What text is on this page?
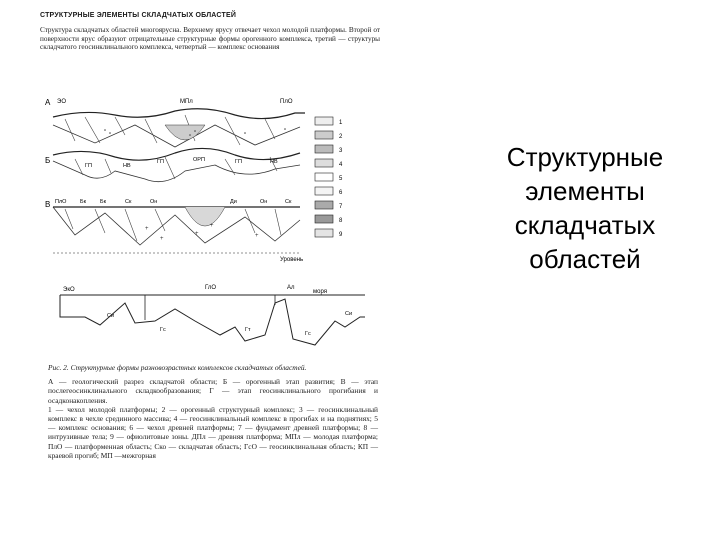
СТРУКТУРНЫЕ ЭЛЕМЕНТЫ СКЛАДЧАТЫХ ОБЛАСТЕЙ
Структура складчатых областей многоярусна. Верхнему ярусу отвечает чехол молодой платформы. Второй от поверхности ярус образуют отрицательные структурные формы орогенного комплекса, третий — структуры складчатого геосинклинального комплекса, четвертый — комплекс основания
А ЭО	МПл	ПлО
Б
ГП	НВ
ГП	ОРП	ГП	НВ
В ПлО Бк	Бк	Ск	Он	Ди	Он	Ск
+
+
+
+
+
Уровень
1
2
3
4
5
6
7
8
9
ЭкО	ГлО	Ал
моря
Си
Гс	Гт
Гс
Си

Рис. 2. Структурные формы разновозрастных комплексов складчатых областей.

А — геологический разрез складчатой области; Б — орогенный этап развития; В — этап послегеосинклинального складкообразования; Г — этап геосинклинального прогибания и осадконакопления.

1 — чехол молодой платформы; 2 — орогенный структурный комплекс; 3 — геосинклинальный комплекс в чехле срединного массива; 4 — геосинклинальный комплекс в прогибах и на поднятиях; 5 — комплекс основания; 6 — чехол древней платформы; 7 — фундамент древней платформы; 8 — интрузивные тела; 9 — офиолитовые зоны. ДПл — древняя платформа; МПл — молодая платформа; ПлО — платформенная область; Ско — складчатая область; ГсО — геосинклинальная область; КП — краевой прогиб; МП —межгорная

Структурные
элементы
складчатых
областей
